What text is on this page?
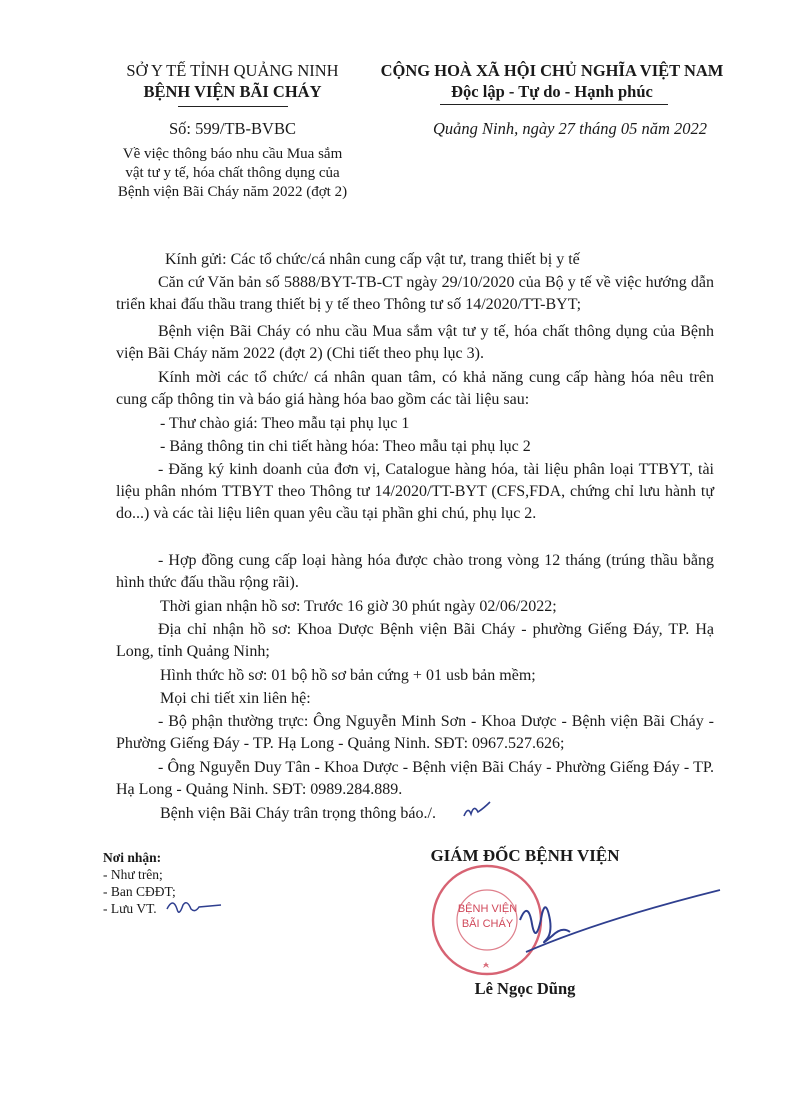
SỞ Y TẾ TỈNH QUẢNG NINH
BỆNH VIỆN BÃI CHÁY
CỘNG HOÀ XÃ HỘI CHỦ NGHĨA VIỆT NAM
Độc lập - Tự do - Hạnh phúc
Số: 599/TB-BVBC	Quảng Ninh, ngày 27 tháng 05 năm 2022
Về việc thông báo nhu cầu Mua sắm
vật tư y tế, hóa chất thông dụng của
Bệnh viện Bãi Cháy năm 2022 (đợt 2)
Kính gửi: Các tổ chức/cá nhân cung cấp vật tư, trang thiết bị y tế
Căn cứ Văn bản số 5888/BYT-TB-CT ngày 29/10/2020 của Bộ y tế về việc hướng dẫn triển khai đấu thầu trang thiết bị y tế theo Thông tư số 14/2020/TT-BYT;
Bệnh viện Bãi Cháy có nhu cầu Mua sắm vật tư y tế, hóa chất thông dụng của Bệnh viện Bãi Cháy năm 2022 (đợt 2) (Chi tiết theo phụ lục 3).
Kính mời các tổ chức/ cá nhân quan tâm, có khả năng cung cấp hàng hóa nêu trên cung cấp thông tin và báo giá hàng hóa bao gồm các tài liệu sau:
- Thư chào giá: Theo mẫu tại phụ lục 1
- Bảng thông tin chi tiết hàng hóa: Theo mẫu tại phụ lục 2
- Đăng ký kinh doanh của đơn vị, Catalogue hàng hóa, tài liệu phân loại TTBYT, tài liệu phân nhóm TTBYT theo Thông tư 14/2020/TT-BYT (CFS,FDA, chứng chỉ lưu hành tự do...) và các tài liệu liên quan yêu cầu tại phần ghi chú, phụ lục 2.
- Hợp đồng cung cấp loại hàng hóa được chào trong vòng 12 tháng (trúng thầu bằng hình thức đấu thầu rộng rãi).
Thời gian nhận hồ sơ: Trước 16 giờ 30 phút ngày 02/06/2022;
Địa chỉ nhận hồ sơ: Khoa Dược Bệnh viện Bãi Cháy - phường Giếng Đáy, TP. Hạ Long, tỉnh Quảng Ninh;
Hình thức hồ sơ: 01 bộ hồ sơ bản cứng + 01 usb bản mềm;
Mọi chi tiết xin liên hệ:
- Bộ phận thường trực: Ông Nguyễn Minh Sơn - Khoa Dược - Bệnh viện Bãi Cháy - Phường Giếng Đáy - TP. Hạ Long - Quảng Ninh. SĐT: 0967.527.626;
- Ông Nguyễn Duy Tân - Khoa Dược - Bệnh viện Bãi Cháy - Phường Giếng Đáy - TP. Hạ Long - Quảng Ninh. SĐT: 0989.284.889.
Bệnh viện Bãi Cháy trân trọng thông báo./.
Nơi nhận:
- Như trên;
- Ban CĐĐT;
- Lưu VT.
GIÁM ĐỐC BỆNH VIỆN
BỆNH VIỆN
BÃI CHÁY
Lê Ngọc Dũng
